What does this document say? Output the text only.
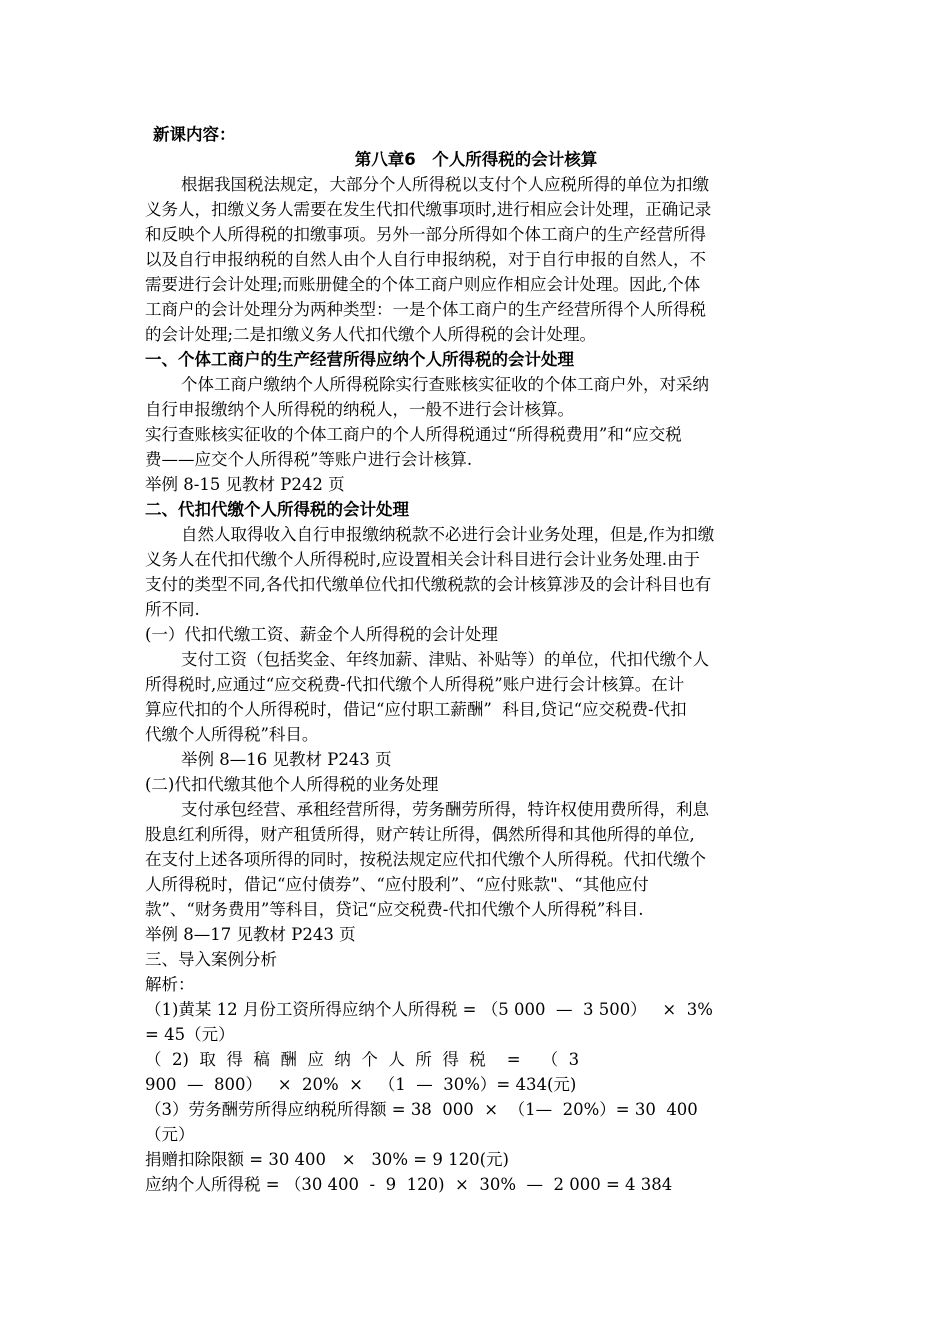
新课内容：
第八章6　个人所得税的会计核算
根据我国税法规定，大部分个人所得税以支付个人应税所得的单位为扣缴
义务人，扣缴义务人需要在发生代扣代缴事项时,进行相应会计处理，正确记录
和反映个人所得税的扣缴事项。另外一部分所得如个体工商户的生产经营所得
以及自行申报纳税的自然人由个人自行申报纳税，对于自行申报的自然人，不
需要进行会计处理;而账册健全的个体工商户则应作相应会计处理。因此,个体
工商户的会计处理分为两种类型：一是个体工商户的生产经营所得个人所得税
的会计处理;二是扣缴义务人代扣代缴个人所得税的会计处理。
一、个体工商户的生产经营所得应纳个人所得税的会计处理
个体工商户缴纳个人所得税除实行查账核实征收的个体工商户外，对采纳
自行申报缴纳个人所得税的纳税人，一般不进行会计核算。
实行查账核实征收的个体工商户的个人所得税通过“所得税费用”和“应交税
费——应交个人所得税”等账户进行会计核算.
举例 8-15 见教材 P242 页
二、代扣代缴个人所得税的会计处理
自然人取得收入自行申报缴纳税款不必进行会计业务处理，但是,作为扣缴
义务人在代扣代缴个人所得税时,应设置相关会计科目进行会计业务处理.由于
支付的类型不同,各代扣代缴单位代扣代缴税款的会计核算涉及的会计科目也有
所不同.
(一）代扣代缴工资、薪金个人所得税的会计处理
支付工资（包括奖金、年终加薪、津贴、补贴等）的单位，代扣代缴个人
所得税时,应通过“应交税费-代扣代缴个人所得税”账户进行会计核算。在计
算应代扣的个人所得税时，借记“应付职工薪酬”  科目,贷记“应交税费-代扣
代缴个人所得税”科目。
举例 8—16 见教材 P243 页
(二)代扣代缴其他个人所得税的业务处理
支付承包经营、承租经营所得，劳务酬劳所得，特许权使用费所得，利息
股息红利所得，财产租赁所得，财产转让所得，偶然所得和其他所得的单位,
在支付上述各项所得的同时，按税法规定应代扣代缴个人所得税。代扣代缴个
人所得税时，借记“应付债券”、“应付股利”、“应付账款"、“其他应付
款”、“财务费用”等科目，贷记“应交税费-代扣代缴个人所得税”科目.
举例 8—17 见教材 P243 页
三、导入案例分析
解析：
（1)黄某 12 月份工资所得应纳个人所得税 = （5 000  —  3 500）   ×  3%
= 45（元）
（  2)  取  得  稿  酬  应  纳  个  人  所  得  税    =    （  3
900  —  800）   ×  20%  ×   （1  —  30%）= 434(元)
（3）劳务酬劳所得应纳税所得额 = 38  000  ×  （1—  20%）= 30  400
（元）
捐赠扣除限额 = 30 400   ×   30% = 9 120(元)
应纳个人所得税 = （30 400  -  9  120)  ×  30%  —  2 000 = 4 384
